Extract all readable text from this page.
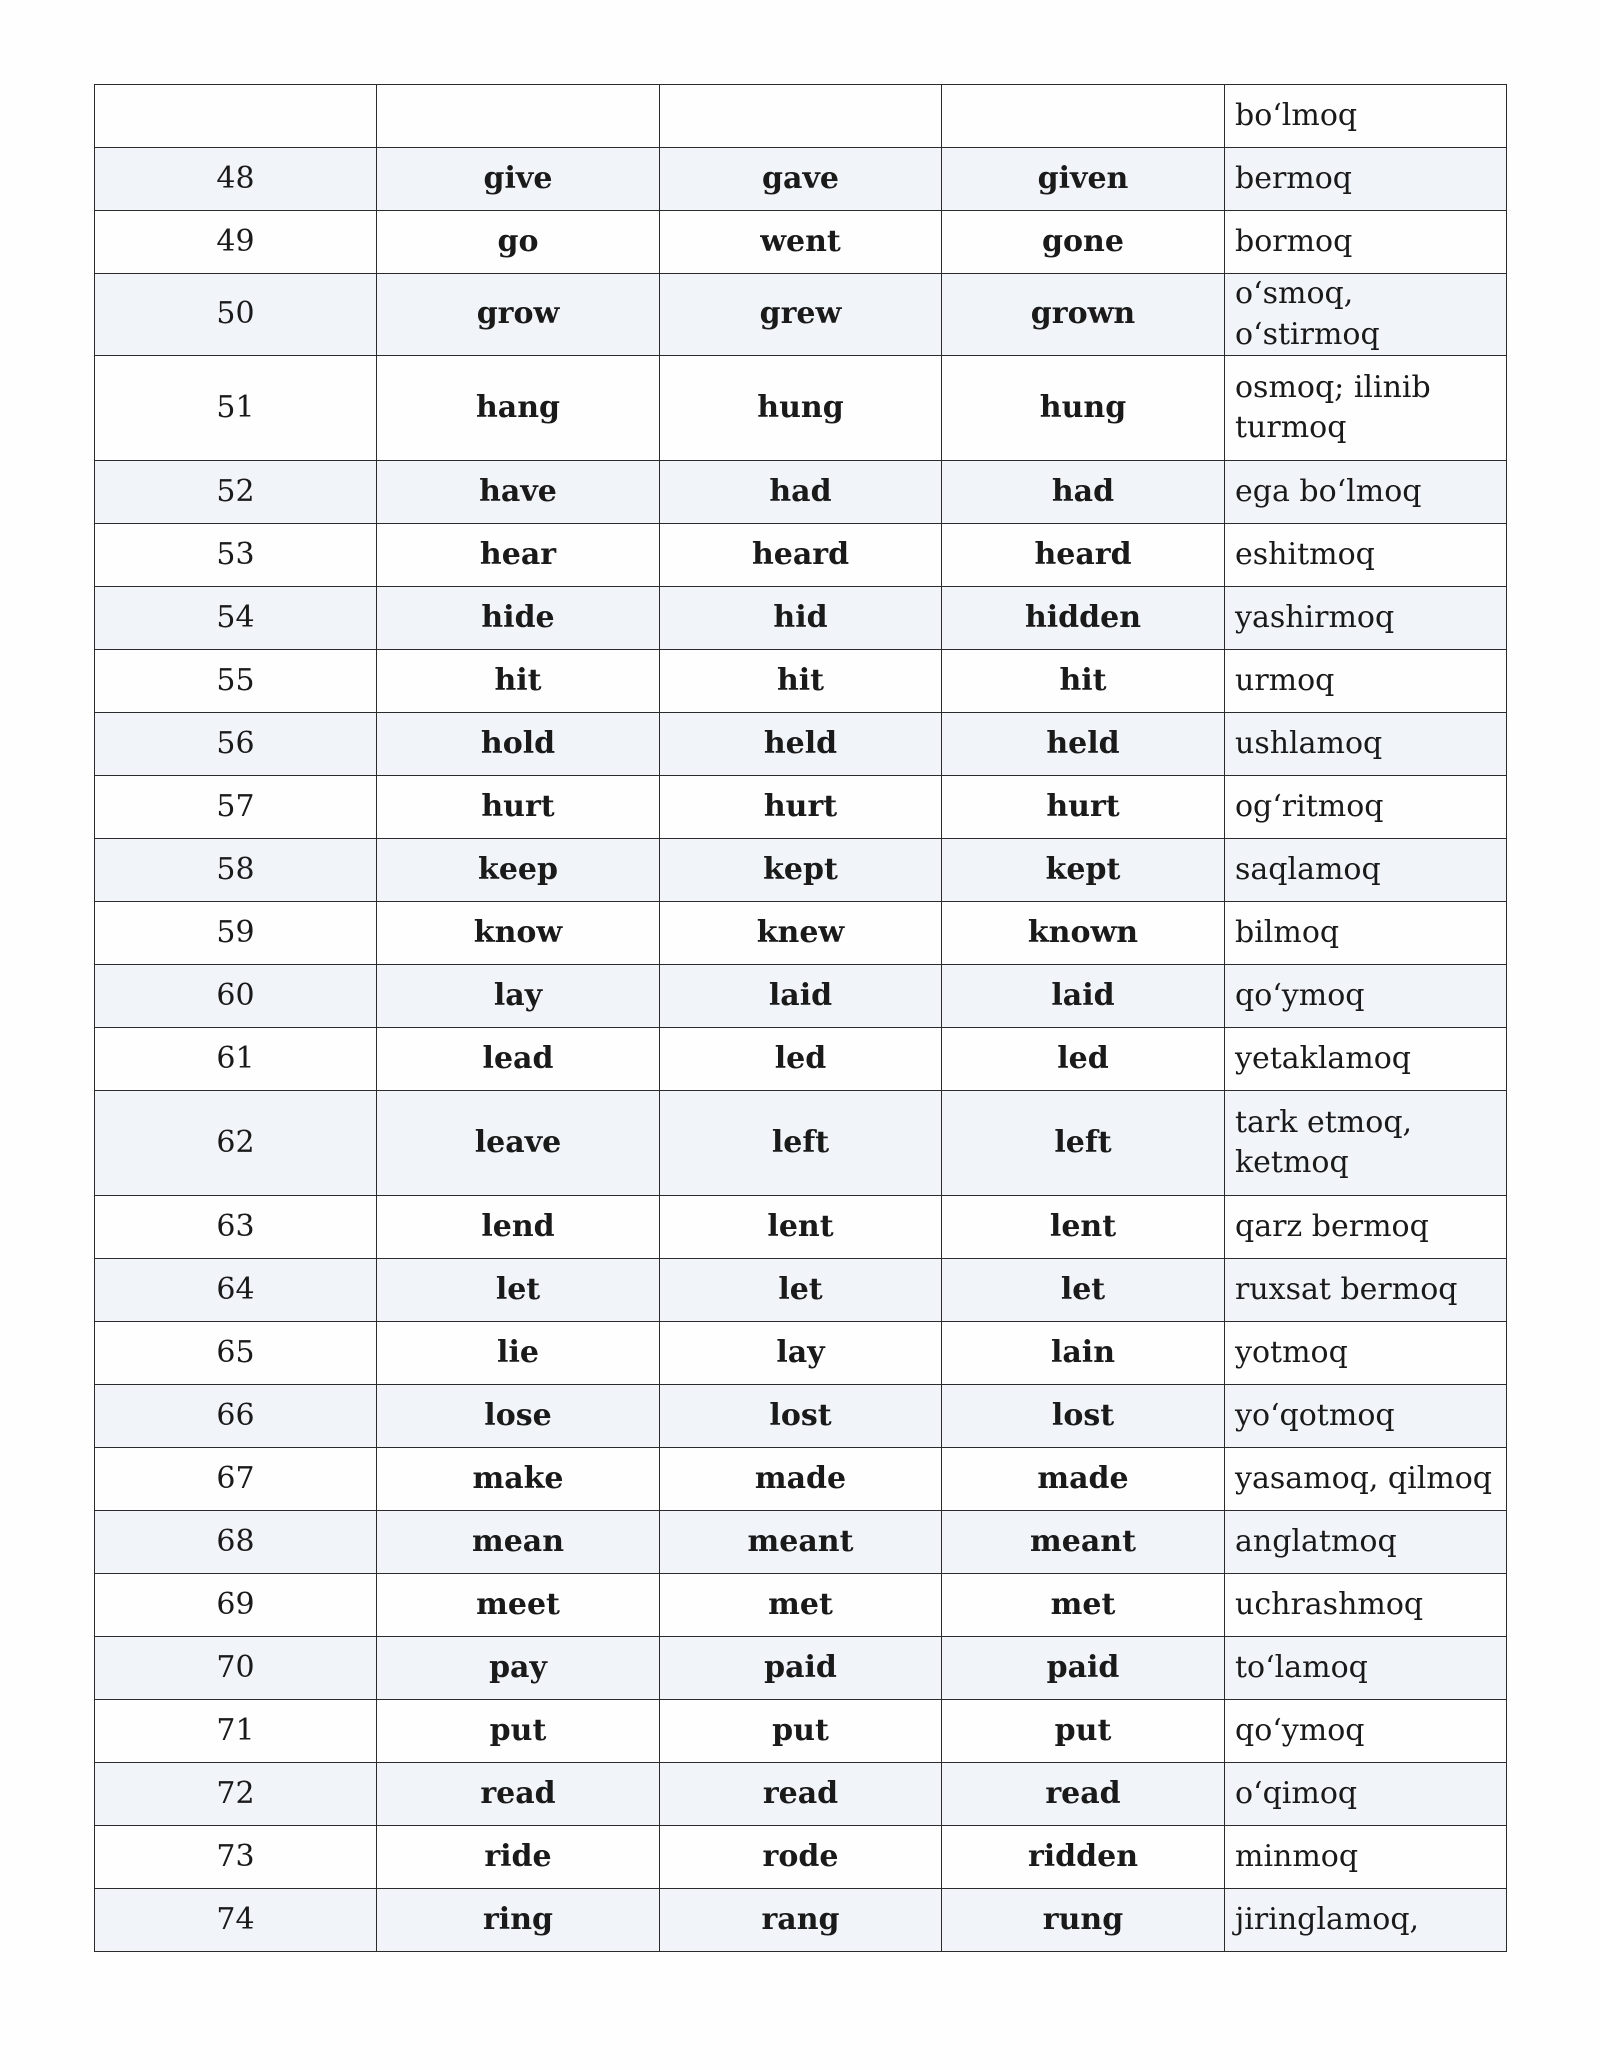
				bo‘lmoq
48	give	gave	given	bermoq
49	go	went	gone	bormoq
50	grow	grew	grown	o‘smoq, o‘stirmoq
51	hang	hung	hung	osmoq; ilinib turmoq
52	have	had	had	ega bo‘lmoq
53	hear	heard	heard	eshitmoq
54	hide	hid	hidden	yashirmoq
55	hit	hit	hit	urmoq
56	hold	held	held	ushlamoq
57	hurt	hurt	hurt	og‘ritmoq
58	keep	kept	kept	saqlamoq
59	know	knew	known	bilmoq
60	lay	laid	laid	qo‘ymoq
61	lead	led	led	yetaklamoq
62	leave	left	left	tark etmoq, ketmoq
63	lend	lent	lent	qarz bermoq
64	let	let	let	ruxsat bermoq
65	lie	lay	lain	yotmoq
66	lose	lost	lost	yo‘qotmoq
67	make	made	made	yasamoq, qilmoq
68	mean	meant	meant	anglatmoq
69	meet	met	met	uchrashmoq
70	pay	paid	paid	to‘lamoq
71	put	put	put	qo‘ymoq
72	read	read	read	o‘qimoq
73	ride	rode	ridden	minmoq
74	ring	rang	rung	jiringlamoq,
